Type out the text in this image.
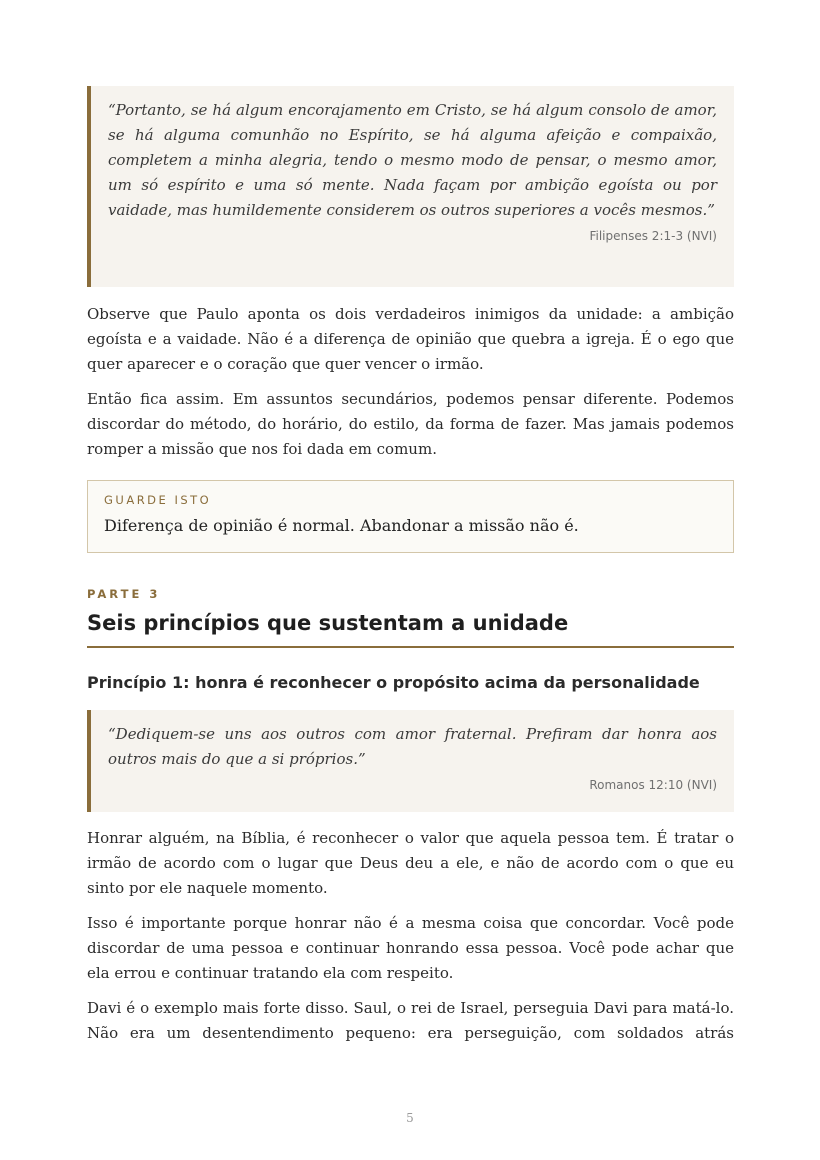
“Portanto, se há algum encorajamento em Cristo, se há algum consolo de amor, se há alguma comunhão no Espírito, se há alguma afeição e compaixão, completem a minha alegria, tendo o mesmo modo de pensar, o mesmo amor, um só espírito e uma só mente. Nada façam por ambição egoísta ou por vaidade, mas humildemente considerem os outros superiores a vocês mesmos.”

Filipenses 2:1-3 (NVI)

Observe que Paulo aponta os dois verdadeiros inimigos da unidade: a ambição egoísta e a vaidade. Não é a diferença de opinião que quebra a igreja. É o ego que quer aparecer e o coração que quer vencer o irmão.

Então fica assim. Em assuntos secundários, podemos pensar diferente. Podemos discordar do método, do horário, do estilo, da forma de fazer. Mas jamais podemos romper a missão que nos foi dada em comum.

GUARDE ISTO

Diferença de opinião é normal. Abandonar a missão não é.

PARTE 3
Seis princípios que sustentam a unidade
Princípio 1: honra é reconhecer o propósito acima da personalidade

“Dediquem-se uns aos outros com amor fraternal. Prefiram dar honra aos outros mais do que a si próprios.”

Romanos 12:10 (NVI)

Honrar alguém, na Bíblia, é reconhecer o valor que aquela pessoa tem. É tratar o irmão de acordo com o lugar que Deus deu a ele, e não de acordo com o que eu sinto por ele naquele momento.

Isso é importante porque honrar não é a mesma coisa que concordar. Você pode discordar de uma pessoa e continuar honrando essa pessoa. Você pode achar que ela errou e continuar tratando ela com respeito.

Davi é o exemplo mais forte disso. Saul, o rei de Israel, perseguia Davi para matá-lo. Não era um desentendimento pequeno: era perseguição, com soldados atrás

5
